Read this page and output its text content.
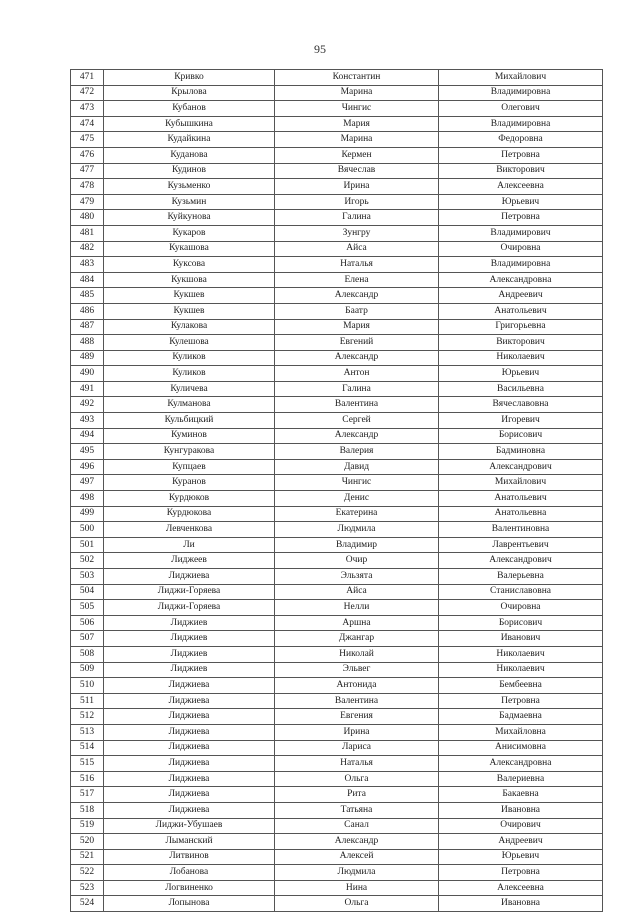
95
471	Кривко	Константин	Михайлович
472	Крылова	Марина	Владимировна
473	Кубанов	Чингис	Олегович
474	Кубышкина	Мария	Владимировна
475	Кудайкина	Марина	Федоровна
476	Куданова	Кермен	Петровна
477	Кудинов	Вячеслав	Викторович
478	Кузьменко	Ирина	Алексеевна
479	Кузьмин	Игорь	Юрьевич
480	Куйкунова	Галина	Петровна
481	Кукаров	Зунгру	Владимирович
482	Кукашова	Айса	Очировна
483	Куксова	Наталья	Владимировна
484	Кукшова	Елена	Александровна
485	Кукшев	Александр	Андреевич
486	Кукшев	Баатр	Анатольевич
487	Кулакова	Мария	Григорьевна
488	Кулешова	Евгений	Викторович
489	Куликов	Александр	Николаевич
490	Куликов	Антон	Юрьевич
491	Куличева	Галина	Васильевна
492	Кулманова	Валентина	Вячеславовна
493	Кульбицкий	Сергей	Игоревич
494	Куминов	Александр	Борисович
495	Кунгуракова	Валерия	Бадминовна
496	Купцаев	Давид	Александрович
497	Куранов	Чингис	Михайлович
498	Курдюков	Денис	Анатольевич
499	Курдюкова	Екатерина	Анатольевна
500	Левченкова	Людмила	Валентиновна
501	Ли	Владимир	Лаврентьевич
502	Лиджеев	Очир	Александрович
503	Лиджиева	Эльзята	Валерьевна
504	Лиджи-Горяева	Айса	Станиславовна
505	Лиджи-Горяева	Нелли	Очировна
506	Лиджиев	Аршна	Борисович
507	Лиджиев	Джангар	Иванович
508	Лиджиев	Николай	Николаевич
509	Лиджиев	Эльвег	Николаевич
510	Лиджиева	Антонида	Бембеевна
511	Лиджиева	Валентина	Петровна
512	Лиджиева	Евгения	Бадмаевна
513	Лиджиева	Ирина	Михайловна
514	Лиджиева	Лариса	Анисимовна
515	Лиджиева	Наталья	Александровна
516	Лиджиева	Ольга	Валериевна
517	Лиджиева	Рита	Бакаевна
518	Лиджиева	Татьяна	Ивановна
519	Лиджи-Убушаев	Санал	Очирович
520	Лыманский	Александр	Андреевич
521	Литвинов	Алексей	Юрьевич
522	Лобанова	Людмила	Петровна
523	Логвиненко	Нина	Алексеевна
524	Лопынова	Ольга	Ивановна
